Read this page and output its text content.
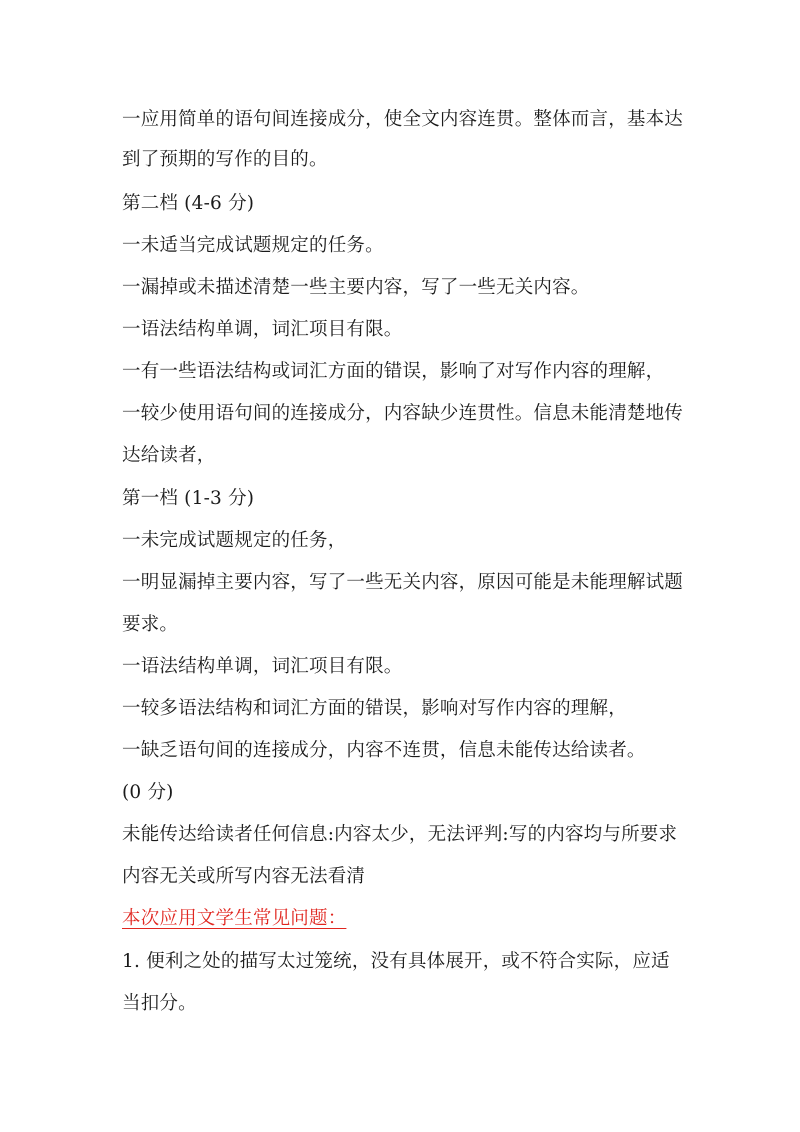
一应用简单的语句间连接成分，使全文内容连贯。整体而言，基本达
到了预期的写作的目的。
第二档 (4-6 分)
一未适当完成试题规定的任务。
一漏掉或未描述清楚一些主要内容，写了一些无关内容。
一语法结构单调，词汇项目有限。
一有一些语法结构或词汇方面的错误，影响了对写作内容的理解，
一较少使用语句间的连接成分，内容缺少连贯性。信息未能清楚地传
达给读者，
第一档 (1-3 分)
一未完成试题规定的任务，
一明显漏掉主要内容，写了一些无关内容，原因可能是未能理解试题
要求。
一语法结构单调，词汇项目有限。
一较多语法结构和词汇方面的错误，影响对写作内容的理解，
一缺乏语句间的连接成分，内容不连贯，信息未能传达给读者。
(0 分)
未能传达给读者任何信息:内容太少，无法评判:写的内容均与所要求
内容无关或所写内容无法看清
本次应用文学生常见问题：
1. 便利之处的描写太过笼统，没有具体展开，或不符合实际，应适
当扣分。
